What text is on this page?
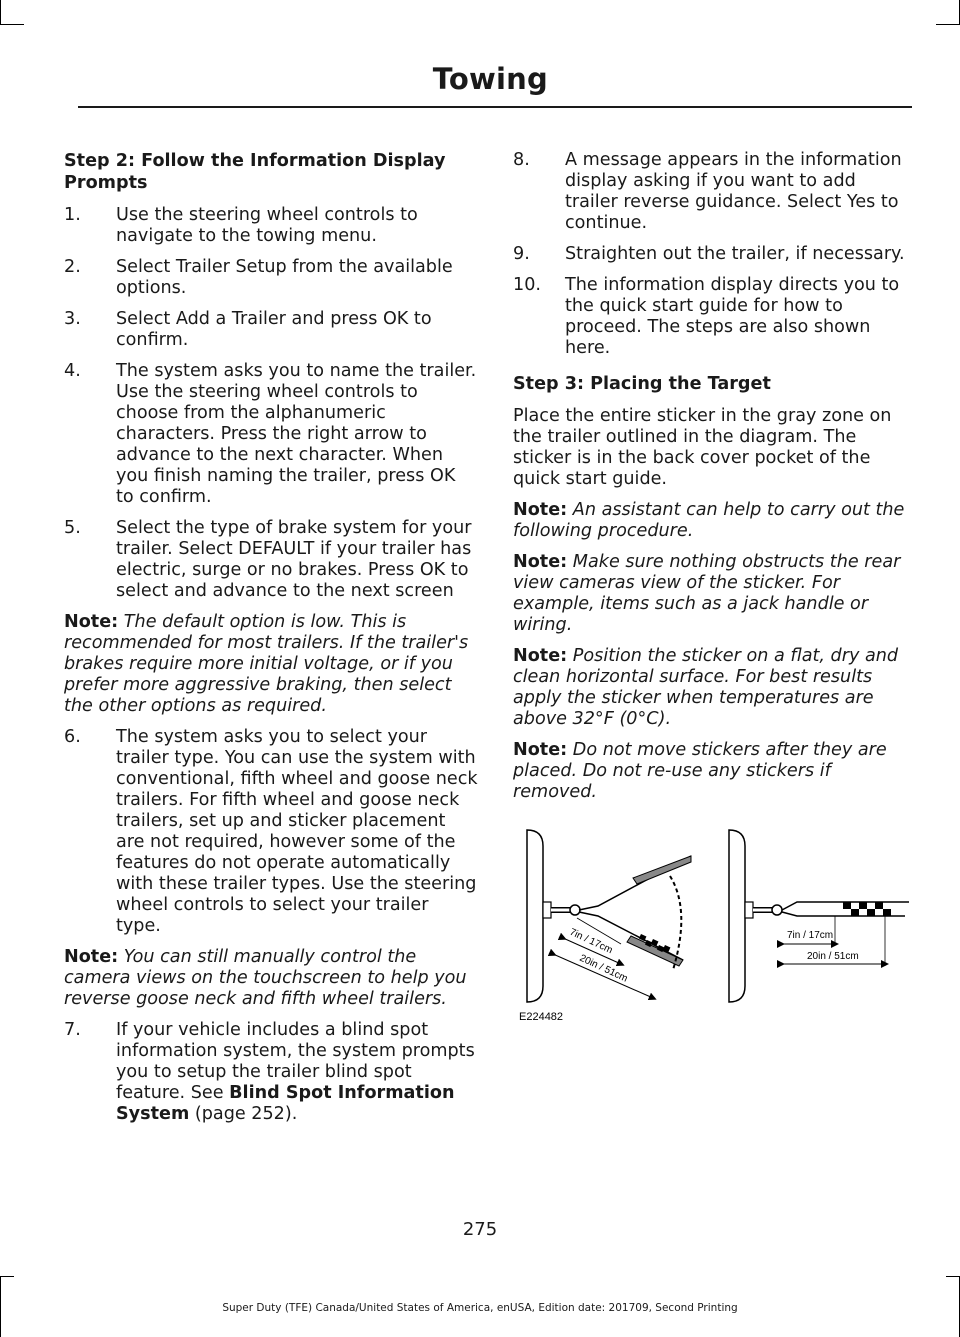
Towing
Step 2: Follow the Information Display Prompts
1. Use the steering wheel controls to navigate to the towing menu.
2. Select Trailer Setup from the available options.
3. Select Add a Trailer and press OK to confirm.
4. The system asks you to name the trailer. Use the steering wheel controls to choose from the alphanumeric characters. Press the right arrow to advance to the next character. When you finish naming the trailer, press OK to confirm.
5. Select the type of brake system for your trailer. Select DEFAULT if your trailer has electric, surge or no brakes. Press OK to select and advance to the next screen

Note: The default option is low. This is recommended for most trailers. If the trailer's brakes require more initial voltage, or if you prefer more aggressive braking, then select the other options as required.

6. The system asks you to select your trailer type. You can use the system with conventional, fifth wheel and goose neck trailers. For fifth wheel and goose neck trailers, set up and sticker placement are not required, however some of the features do not operate automatically with these trailer types. Use the steering wheel controls to select your trailer type.

Note: You can still manually control the camera views on the touchscreen to help you reverse goose neck and fifth wheel trailers.

7. If your vehicle includes a blind spot information system, the system prompts you to setup the trailer blind spot feature. See Blind Spot Information System (page 252).
8. A message appears in the information display asking if you want to add trailer reverse guidance. Select Yes to continue.
9. Straighten out the trailer, if necessary.
10. The information display directs you to the quick start guide for how to proceed. The steps are also shown here.
Step 3: Placing the Target

Place the entire sticker in the gray zone on the trailer outlined in the diagram. The sticker is in the back cover pocket of the quick start guide.

Note: An assistant can help to carry out the following procedure.

Note: Make sure nothing obstructs the rear view cameras view of the sticker. For example, items such as a jack handle or wiring.

Note: Position the sticker on a flat, dry and clean horizontal surface. For best results apply the sticker when temperatures are above 32°F (0°C).

Note: Do not move stickers after they are placed. Do not re-use any stickers if removed.

7in / 17cm
20in / 51cm
7in / 17cm
20in / 51cm
E224482
275
Super Duty (TFE) Canada/United States of America, enUSA, Edition date: 201709, Second Printing
